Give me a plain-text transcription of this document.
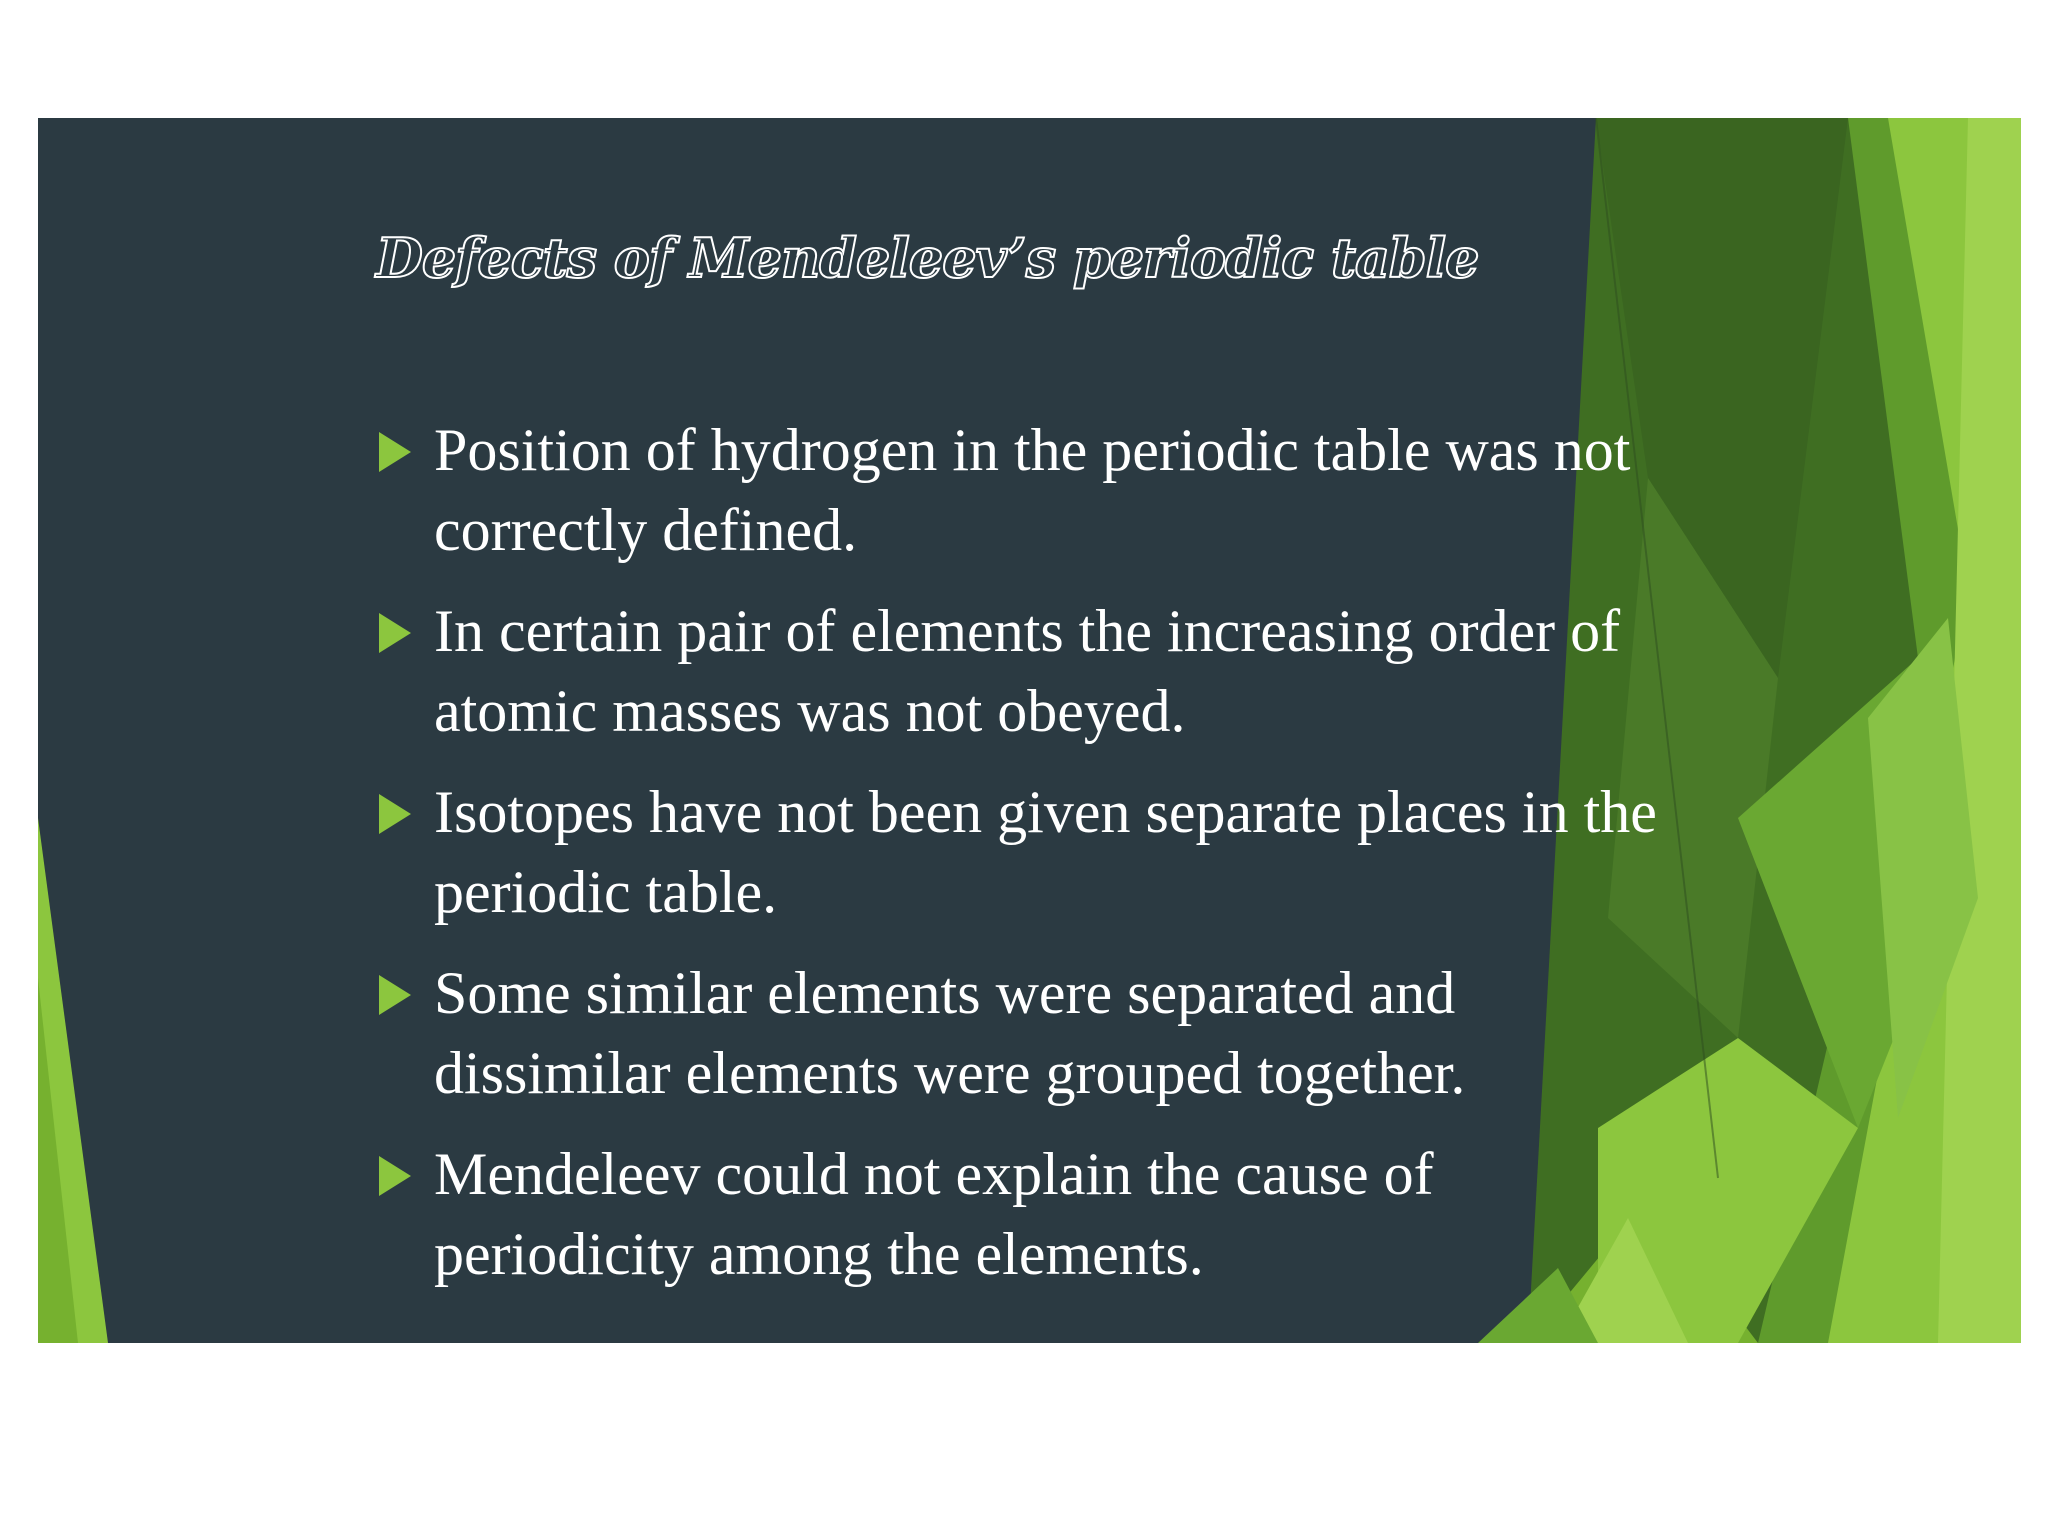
Defects of Mendeleev’s periodic table
Position of hydrogen in the periodic table was not correctly defined.
In certain pair of elements the increasing order of atomic masses was not obeyed.
Isotopes have not been given separate places in the periodic table.
Some similar elements were separated and dissimilar elements were grouped together.
Mendeleev could not explain the cause of periodicity among the elements.
